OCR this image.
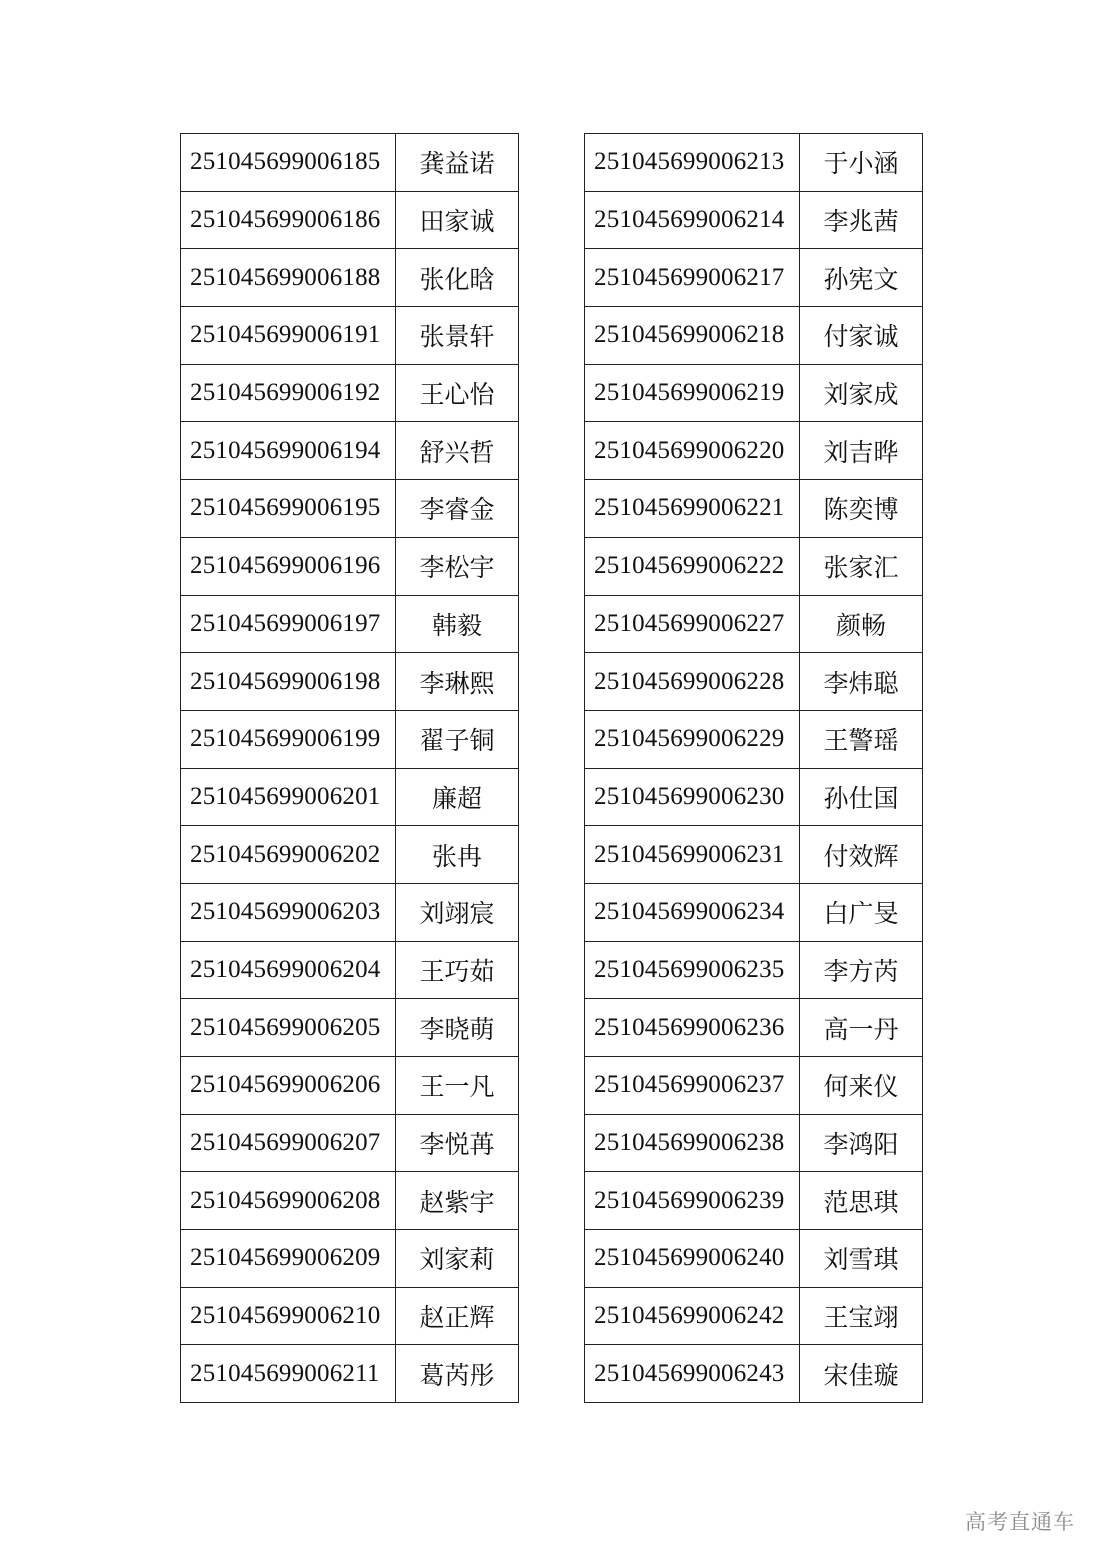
251045699006185	龚益诺
251045699006186	田家诚
251045699006188	张化晗
251045699006191	张景轩
251045699006192	王心怡
251045699006194	舒兴哲
251045699006195	李睿金
251045699006196	李松宇
251045699006197	韩毅
251045699006198	李琳熙
251045699006199	翟子铜
251045699006201	廉超
251045699006202	张冉
251045699006203	刘翊宸
251045699006204	王巧茹
251045699006205	李晓萌
251045699006206	王一凡
251045699006207	李悦苒
251045699006208	赵紫宇
251045699006209	刘家莉
251045699006210	赵正辉
251045699006211	葛芮彤
251045699006213	于小涵
251045699006214	李兆茜
251045699006217	孙宪文
251045699006218	付家诚
251045699006219	刘家成
251045699006220	刘吉晔
251045699006221	陈奕博
251045699006222	张家汇
251045699006227	颜畅
251045699006228	李炜聪
251045699006229	王警瑶
251045699006230	孙仕国
251045699006231	付效辉
251045699006234	白广旻
251045699006235	李方芮
251045699006236	高一丹
251045699006237	何来仪
251045699006238	李鸿阳
251045699006239	范思琪
251045699006240	刘雪琪
251045699006242	王宝翊
251045699006243	宋佳璇
高考直通车
